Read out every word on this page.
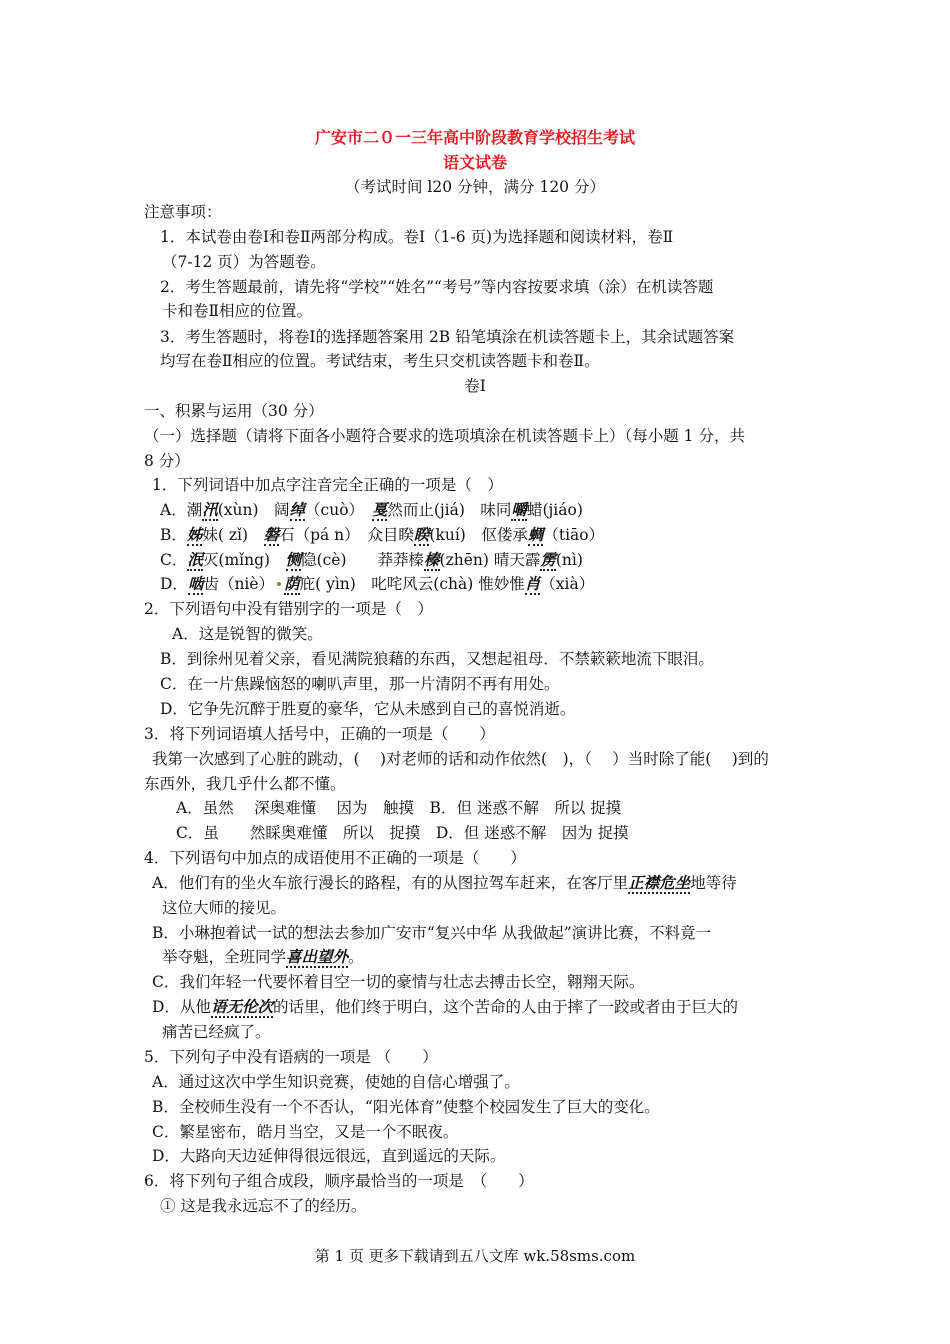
广安市二０一三年高中阶段教育学校招生考试
语文试卷
（考试时间 l20 分钟，满分 120 分）
注意事项：
1．本试卷由卷Ⅰ和卷Ⅱ两部分构成。卷Ⅰ（1-6 页)为选择题和阅读材料，卷Ⅱ
（7-12 页）为答题卷。
2．考生答题最前，请先将“学校”“姓名”“考号”等内容按要求填（涂）在机读答题
卡和卷Ⅱ相应的位置。
3．考生答题时，将卷Ⅰ的选择题答案用 2B 铅笔填涂在机读答题卡上，其余试题答案
均写在卷Ⅱ相应的位置。考试结束，考生只交机读答题卡和卷Ⅱ。
卷Ⅰ
一、积累与运用（30 分）
（一）选择题（请将下面各小题符合要求的选项填涂在机读答题卡上）（每小题 1 分，共
8 分）
1．下列词语中加点字注音完全正确的一项是（　）
A．潮汛(xùn)　阔绰（cuò）　戛然而止(jiá)　味同嚼蜡(jiáo)
B．姊妹( zǐ)　磐石（pá n）　众目睽睽(kuí)　伛偻承蜩（tiāo）
C．泯灭(mǐng)　恻隐(cè)　　莽莽榛榛(zhēn) 晴天霹雳(nì)
D．啮齿（niè） 荫庇( yìn)　叱咤风云(chà) 惟妙惟肖（xià）
2．下列语句中没有错别字的一项是（　）
A．这是锐智的微笑。
B．到徐州见着父亲，看见满院狼藉的东西，又想起祖母．不禁簌簌地流下眼泪。
C．在一片焦躁恼怒的喇叭声里，那一片清阴不再有用处。
D．它争先沉醉于胜夏的豪华，它从未感到自己的喜悦消逝。
3．将下列词语填人括号中，正确的一项是（　　）
我第一次感到了心脏的跳动，(　 )对老师的话和动作依然(　)，（　 ）当时除了能(　 )到的
东西外，我几乎什么都不懂。
A．虽然　 深奥难懂　 因为　触摸　B．但 迷惑不解　所以 捉摸
C．虽　　然睬奥难懂　所以　捉摸　D．但 迷惑不解　因为 捉摸
4．下列语句中加点的成语使用不正确的一项是（　　）
A．他们有的坐火车旅行漫长的路程，有的从图拉驾车赶来，在客厅里正襟危坐地等待
这位大师的接见。
B．小琳抱着试一试的想法去参加广安市“复兴中华 从我做起”演讲比赛，不料竟一
举夺魁，全班同学喜出望外。
C．我们年轻一代要怀着目空一切的豪情与壮志去搏击长空，翱翔天际。
D．从他语无伦次的话里，他们终于明白，这个苦命的人由于摔了一跤或者由于巨大的
痛苦已经疯了。
5．下列句子中没有语病的一项是 （　　）
A．通过这次中学生知识竞赛，使她的自信心增强了。
B．全校师生没有一个不否认，“阳光体育”使整个校园发生了巨大的变化。
C．繁星密布，皓月当空，又是一个不眠夜。
D．大路向天边延伸得很远很远，直到遥远的天际。
6．将下列句子组合成段，顺序最恰当的一项是　（　　）
① 这是我永远忘不了的经历。
第 1 页 更多下载请到五八文库 wk.58sms.com
